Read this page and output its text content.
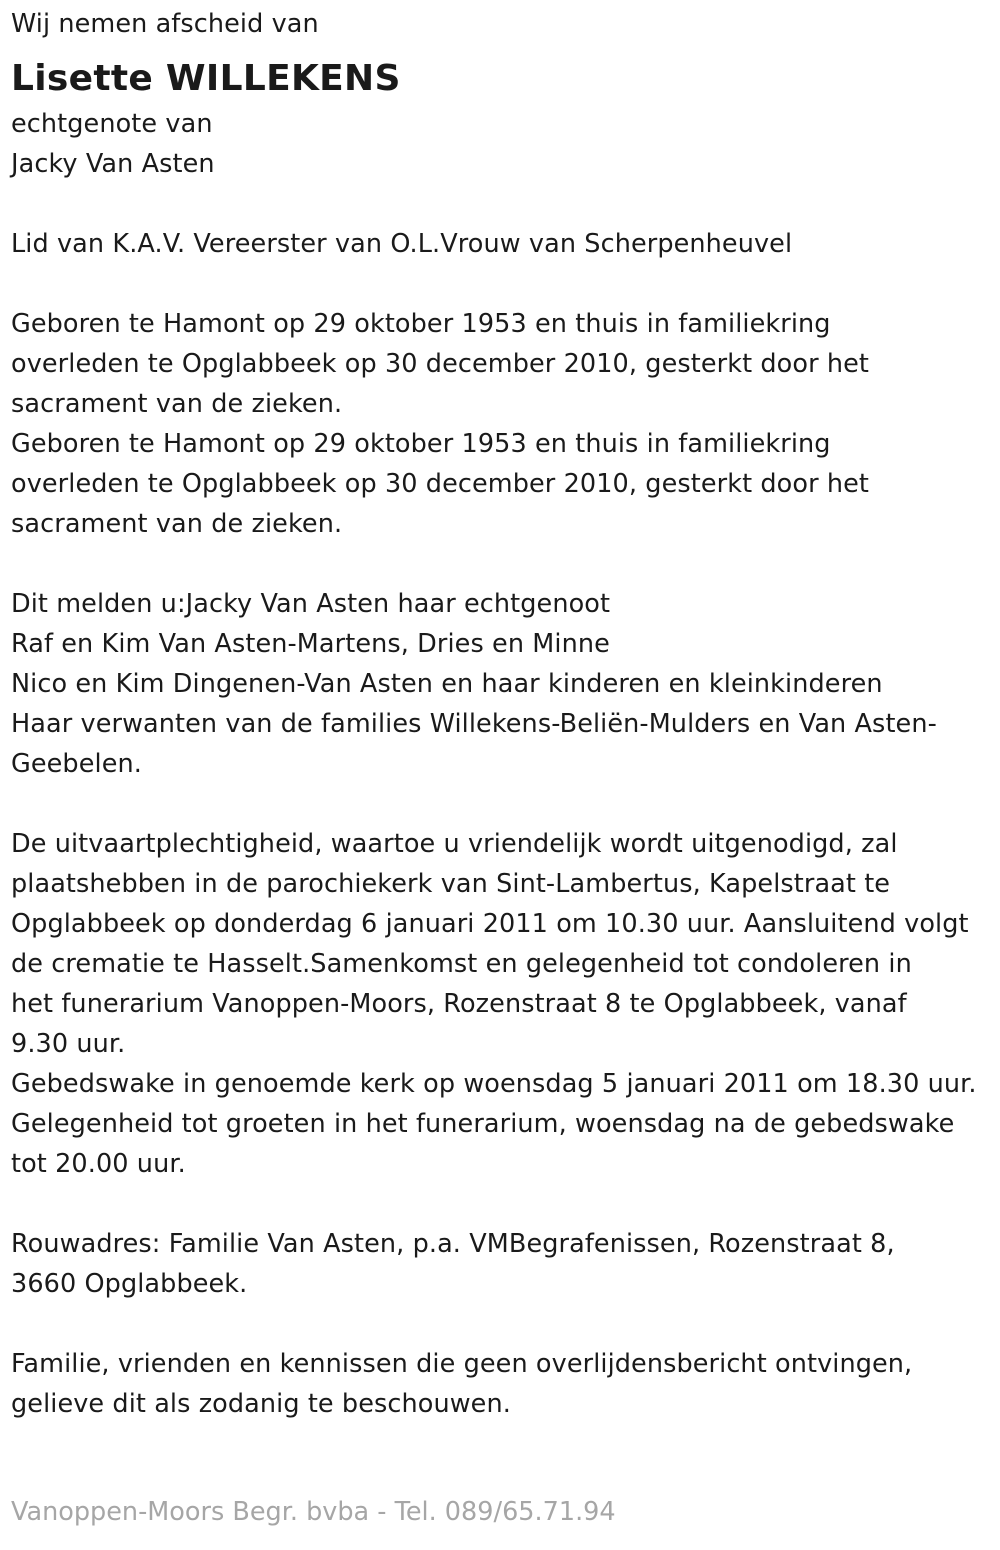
Wij nemen afscheid van
Lisette WILLEKENS
echtgenote van
Jacky Van Asten
Lid van K.A.V. Vereerster van O.L.Vrouw van Scherpenheuvel
Geboren te Hamont op 29 oktober 1953 en thuis in familiekring
overleden te Opglabbeek op 30 december 2010, gesterkt door het
sacrament van de zieken.
Geboren te Hamont op 29 oktober 1953 en thuis in familiekring
overleden te Opglabbeek op 30 december 2010, gesterkt door het
sacrament van de zieken.
Dit melden u:Jacky Van Asten haar echtgenoot
Raf en Kim Van Asten-Martens, Dries en Minne
Nico en Kim Dingenen-Van Asten en haar kinderen en kleinkinderen
Haar verwanten van de families Willekens-Beliën-Mulders en Van Asten-
Geebelen.
De uitvaartplechtigheid, waartoe u vriendelijk wordt uitgenodigd, zal
plaatshebben in de parochiekerk van Sint-Lambertus, Kapelstraat te
Opglabbeek op donderdag 6 januari 2011 om 10.30 uur. Aansluitend volgt
de crematie te Hasselt.Samenkomst en gelegenheid tot condoleren in
het funerarium Vanoppen-Moors, Rozenstraat 8 te Opglabbeek, vanaf
9.30 uur.
Gebedswake in genoemde kerk op woensdag 5 januari 2011 om 18.30 uur.
Gelegenheid tot groeten in het funerarium, woensdag na de gebedswake
tot 20.00 uur.
Rouwadres: Familie Van Asten, p.a. VMBegrafenissen, Rozenstraat 8,
3660 Opglabbeek.
Familie, vrienden en kennissen die geen overlijdensbericht ontvingen,
gelieve dit als zodanig te beschouwen.
Vanoppen-Moors Begr. bvba - Tel. 089/65.71.94
